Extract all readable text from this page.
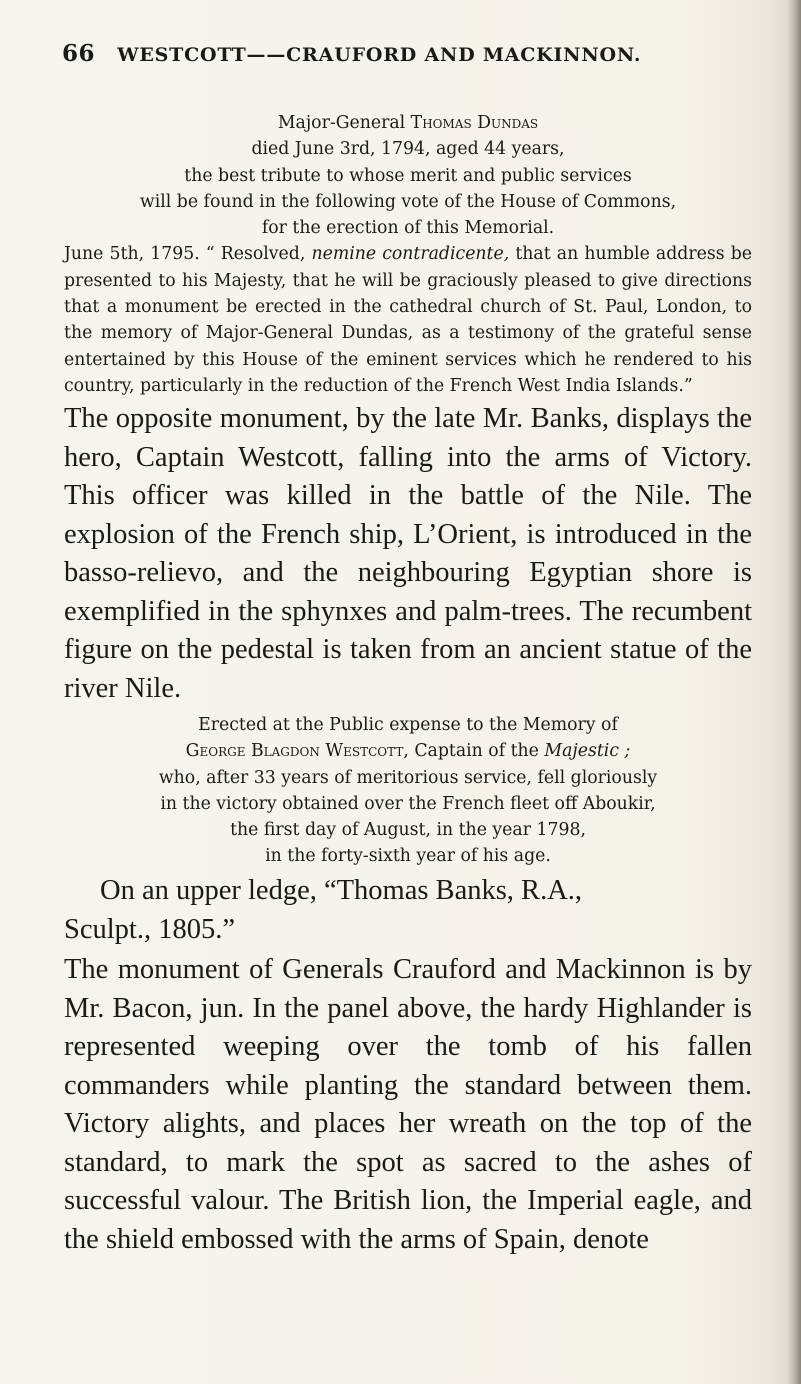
66 WESTCOTT——CRAUFORD AND MACKINNON.

Major-General Thomas Dundas

died June 3rd, 1794, aged 44 years,

the best tribute to whose merit and public services

will be found in the following vote of the House of Commons,

for the erection of this Memorial.

June 5th, 1795. “ Resolved, nemine contradicente, that an humble address be presented to his Majesty, that he will be graciously pleased to give directions that a monument be erected in the cathedral church of St. Paul, London, to the memory of Major-General Dundas, as a testimony of the grateful sense entertained by this House of the eminent services which he rendered to his country, particularly in the reduction of the French West India Islands.”

The opposite monument, by the late Mr. Banks, displays the hero, Captain Westcott, falling into the arms of Victory. This officer was killed in the battle of the Nile. The explosion of the French ship, L’Orient, is introduced in the basso-relievo, and the neighbouring Egyptian shore is exemplified in the sphynxes and palm-trees. The recumbent figure on the pedestal is taken from an ancient statue of the river Nile.

Erected at the Public expense to the Memory of

George Blagdon Westcott, Captain of the Majestic ;

who, after 33 years of meritorious service, fell gloriously

in the victory obtained over the French fleet off Aboukir,

the first day of August, in the year 1798,

in the forty-sixth year of his age.

On an upper ledge, “Thomas Banks, R.A.,

Sculpt., 1805.”

The monument of Generals Crauford and Mackinnon is by Mr. Bacon, jun. In the panel above, the hardy Highlander is represented weeping over the tomb of his fallen commanders while planting the standard between them. Victory alights, and places her wreath on the top of the standard, to mark the spot as sacred to the ashes of successful valour. The British lion, the Imperial eagle, and the shield embossed with the arms of Spain, denote
